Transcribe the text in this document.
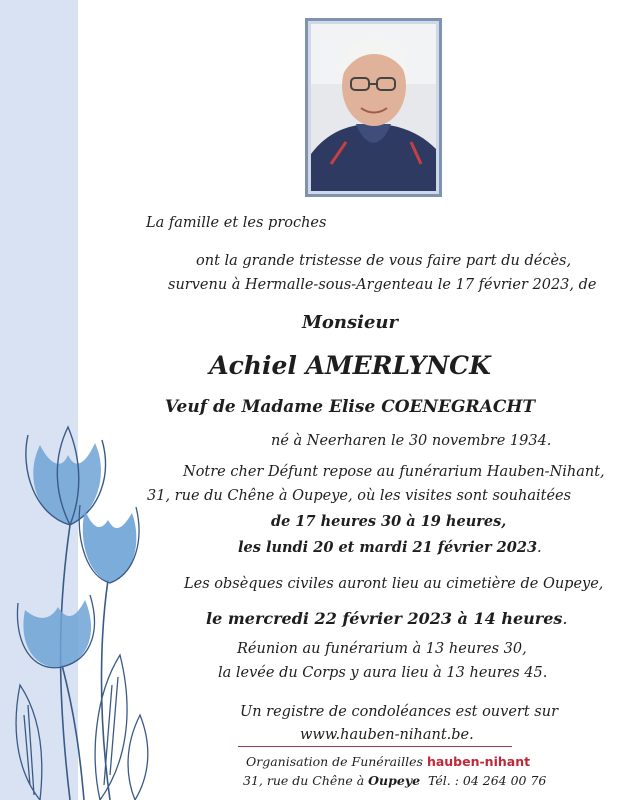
La famille et les proches
ont la grande tristesse de vous faire part du décès,
survenu à Hermalle-sous-Argenteau le 17 février 2023, de
Monsieur
Achiel AMERLYNCK
Veuf de Madame Elise COENEGRACHT
né à Neerharen le 30 novembre 1934.
Notre cher Défunt repose au funérarium Hauben-Nihant,
31, rue du Chêne à Oupeye, où les visites sont souhaitées
de 17 heures 30 à 19 heures,
les lundi 20 et mardi 21 février 2023.
Les obsèques civiles auront lieu au cimetière de Oupeye,
le mercredi 22 février 2023 à 14 heures.
Réunion au funérarium à 13 heures 30,
la levée du Corps y aura lieu à 13 heures 45.
Un registre de condoléances est ouvert sur
www.hauben-nihant.be.
Organisation de Funérailles hauben-nihant
31, rue du Chêne à Oupeye Tél. : 04 264 00 76
